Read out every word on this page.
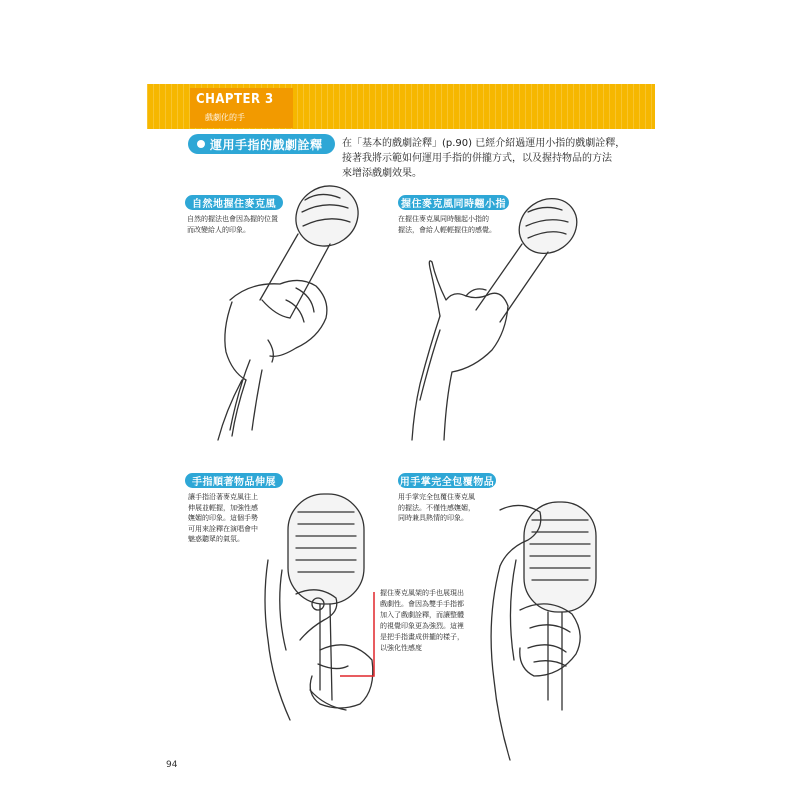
CHAPTER 3
戲劇化的手
運用手指的戲劇詮釋 在「基本的戲劇詮釋」(p.90) 已經介紹過運用小指的戲劇詮釋，
接著我將示範如何運用手指的併攏方式，以及握持物品的方法
來增添戲劇效果。
自然地握住麥克風
自然的握法也會因為握的位置
而改變給人的印象。
握住麥克風同時翹小指
在握住麥克風同時翹起小指的
握法，會給人輕輕握住的感覺。
手指順著物品伸展
讓手指沿著麥克風往上
伸展並輕握，加強性感
嫵媚的印象。這個手勢
可用來詮釋在演唱會中
魅惑聽眾的氣氛。
用手掌完全包覆物品
用手掌完全包覆住麥克風
的握法。不僅性感嫵媚，
同時兼具熱情的印象。
握住麥克風架的手也展現出
戲劇性。會因為雙手手指都
加入了戲劇詮釋，而讓整體
的視覺印象更為強烈。這裡
是把手指畫成併攏的樣子，
以強化性感度
94
